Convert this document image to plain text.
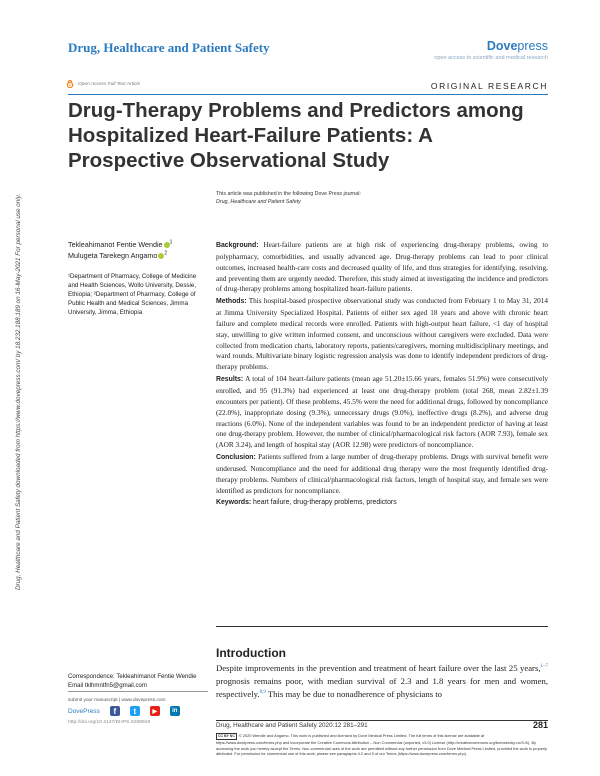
Drug, Healthcare and Patient Safety	Dovepress
open access to scientific and medical research
Open Access Full Text Article	ORIGINAL RESEARCH
Drug-Therapy Problems and Predictors among Hospitalized Heart-Failure Patients: A Prospective Observational Study
Drug, Healthcare and Patient Safety downloaded from https://www.dovepress.com/ by 18.232.188.189 on 16-May-2021 For personal use only.	This article was published in the following Dove Press journal:
Drug, Healthcare and Patient Safety
Tekleahimanot Fentie Wendie $^1$
Mulugeta Tarekegn Angamo $^2$
¹Department of Pharmacy, College of Medicine and Health Sciences, Wollo University, Dessie, Ethiopia; ²Department of Pharmacy, College of Public Health and Medical Sciences, Jimma University, Jimma, Ethiopia

Background: Heart-failure patients are at high risk of experiencing drug-therapy problems, owing to polypharmacy, comorbidities, and usually advanced age. Drug-therapy problems can lead to poor clinical outcomes, increased health-care costs and decreased quality of life, and thus strategies for identifying, resolving, and preventing them are urgently needed. Therefore, this study aimed at investigating the incidence and predictors of drug-therapy problems among hospitalized heart-failure patients.

Methods: This hospital-based prospective observational study was conducted from February 1 to May 31, 2014 at Jimma University Specialized Hospital. Patients of either sex aged 18 years and above with chronic heart failure and complete medical records were enrolled. Patients with high-output heart failure, <1 day of hospital stay, unwilling to give written informed consent, and unconscious without caregivers were excluded. Data were collected from medication charts, laboratory reports, patients/caregivers, morning multidisciplinary meetings, and ward rounds. Multivariate binary logistic regression analysis was done to identify independent predictors of drug-therapy problems.

Results: A total of 104 heart-failure patients (mean age 51.20±15.66 years, females 51.9%) were consecutively enrolled, and 95 (91.3%) had experienced at least one drug-therapy problem (total 268, mean 2.82±1.39 encounters per patient). Of these problems, 45.5% were the need for additional drugs, followed by noncompliance (22.0%), inappropriate dosing (9.3%), unnecessary drugs (9.0%), ineffective drugs (8.2%), and adverse drug reactions (6.0%). None of the independent variables was found to be an independent predictor of having at least one drug-therapy problem. However, the number of clinical/pharmacological risk factors (AOR 7.93), female sex (AOR 3.24), and length of hospital stay (AOR 12.98) were predictors of noncompliance.

Conclusion: Patients suffered from a large number of drug-therapy problems. Drugs with survival benefit were underused. Noncompliance and the need for additional drug therapy were the most frequently identified drug-therapy problems. Numbers of clinical/pharmacological risk factors, length of hospital stay, and female sex were identified as predictors for noncompliance.

Keywords: heart failure, drug-therapy problems, predictors

Introduction
Despite improvements in the prevention and treatment of heart failure over the last 25 years,$^{1-7}$ prognosis remains poor, with median survival of 2.3 and 1.8 years for men and women, respectively.$^{8,9}$ This may be due to nonadherence of physicians to
Correspondence: Tekleahimanot Fentie Wendie
Email tklhmntfn5@gmail.com
submit your manuscript | www.dovepress.com
DovePress	f	t	▶	in
http://doi.org/10.2147/DHPS.S268919	Drug, Healthcare and Patient Safety 2020:12 281–291	281
CC BY NC © 2020 Wendie and Angamo. This work is published and licensed by Dove Medical Press Limited. The full terms of this license are available at https://www.dovepress.com/terms.php and incorporate the Creative Commons Attribution – Non Commercial (unported, v3.0) License (http://creativecommons.org/licenses/by-nc/3.0/). By accessing the work you hereby accept the Terms. Non-commercial uses of the work are permitted without any further permission from Dove Medical Press Limited, provided the work is properly attributed. For permission for commercial use of this work, please see paragraphs 4.2 and 5 of our Terms (https://www.dovepress.com/terms.php).
